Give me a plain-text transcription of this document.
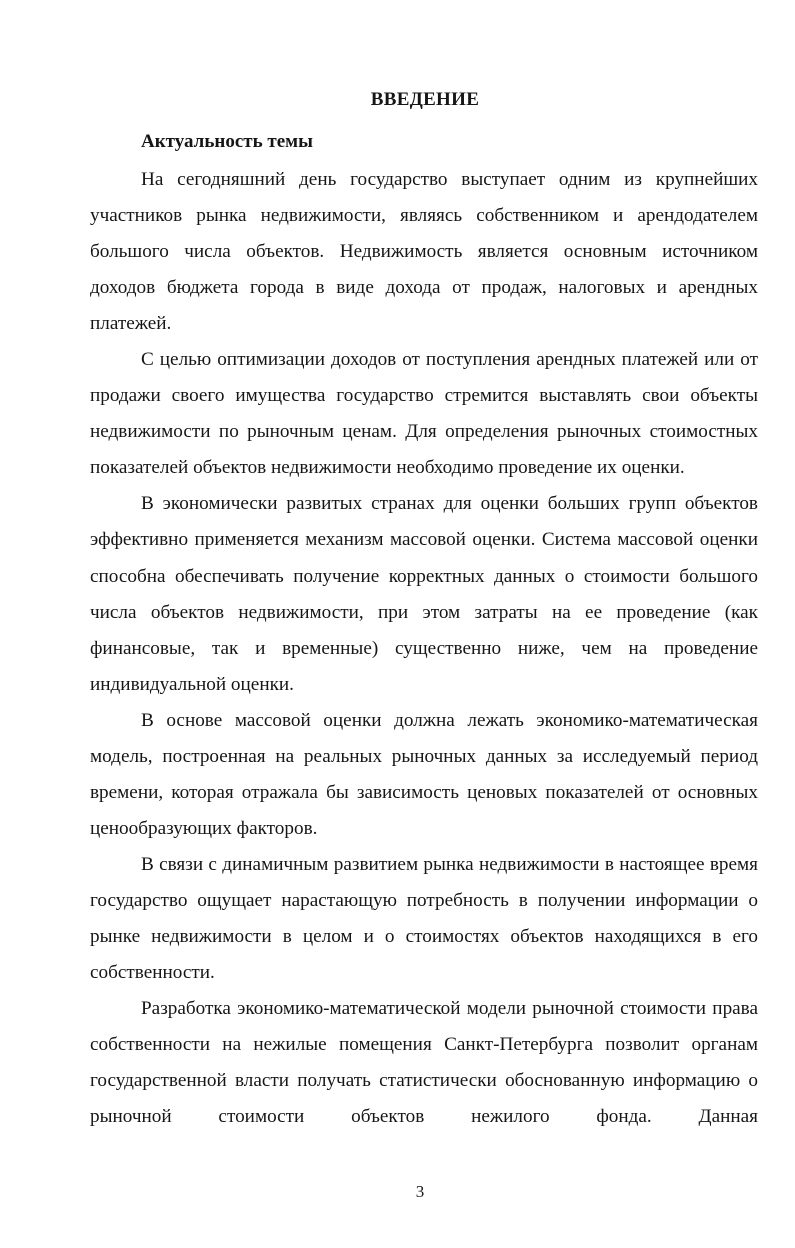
ВВЕДЕНИЕ
Актуальность темы

На сегодняшний день государство выступает одним из крупнейших участников рынка недвижимости, являясь собственником и арендодателем большого числа объектов. Недвижимость является основным источником доходов бюджета города в виде дохода от продаж, налоговых и арендных платежей.

С целью оптимизации доходов от поступления арендных платежей или от продажи своего имущества государство стремится выставлять свои объекты недвижимости по рыночным ценам. Для определения рыночных стоимостных показателей объектов недвижимости необходимо проведение их оценки.

В экономически развитых странах для оценки больших групп объектов эффективно применяется механизм массовой оценки. Система массовой оценки способна обеспечивать получение корректных данных о стоимости большого числа объектов недвижимости, при этом затраты на ее проведение (как финансовые, так и временные) существенно ниже, чем на проведение индивидуальной оценки.

В основе массовой оценки должна лежать экономико-математическая модель, построенная на реальных рыночных данных за исследуемый период времени, которая отражала бы зависимость ценовых показателей от основных ценообразующих факторов.

В связи с динамичным развитием рынка недвижимости в настоящее время государство ощущает нарастающую потребность в получении информации о рынке недвижимости в целом и о стоимостях объектов находящихся в его собственности.

Разработка экономико-математической модели рыночной стоимости права собственности на нежилые помещения Санкт-Петербурга позволит органам государственной власти получать статистически обоснованную информацию о рыночной стоимости объектов нежилого фонда. Данная

3
